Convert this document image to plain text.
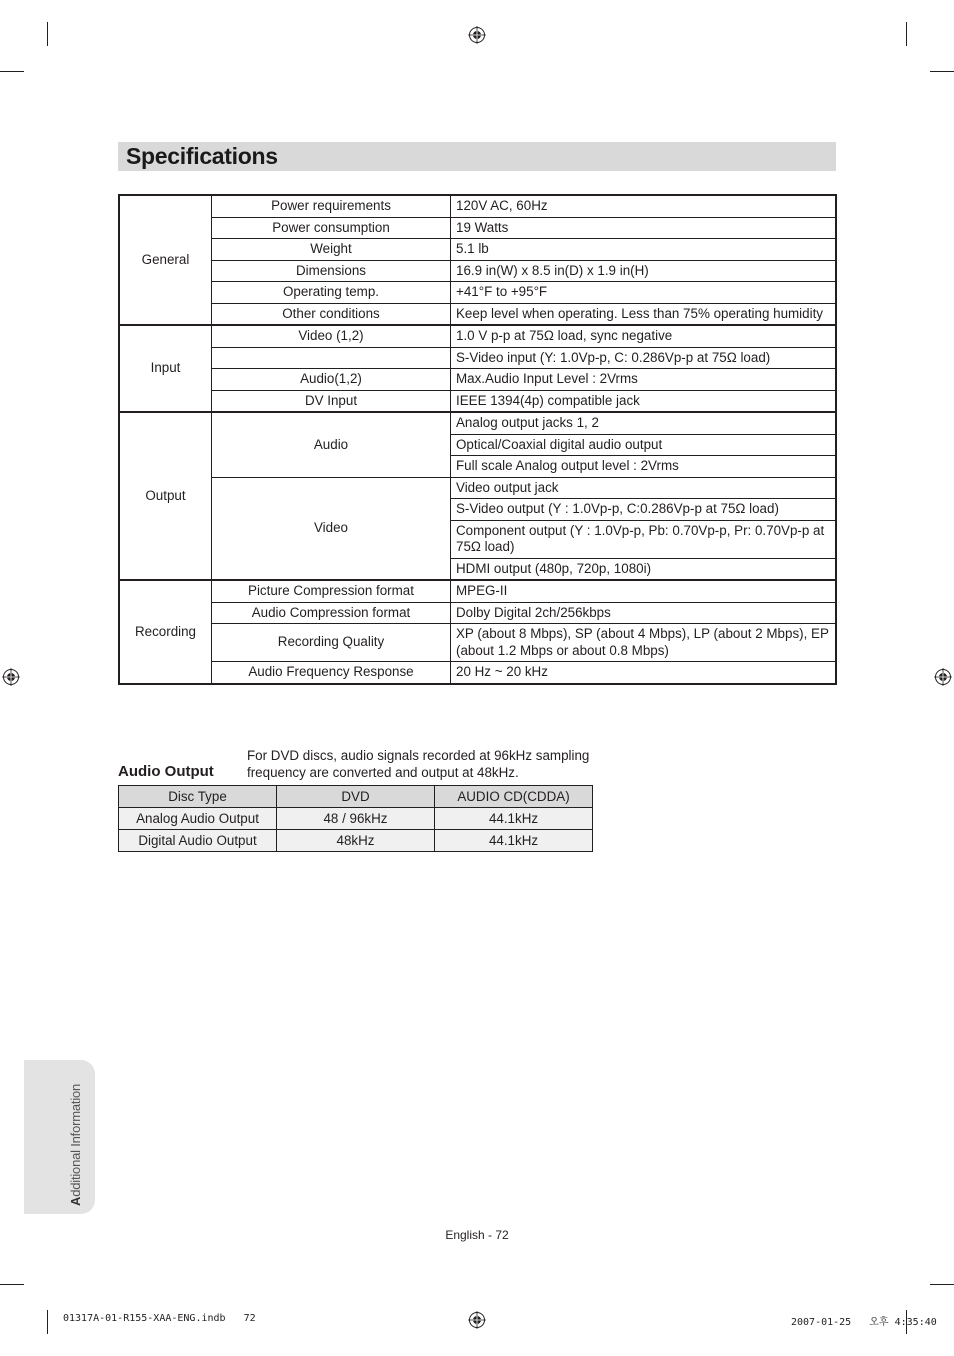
Specifications
General	Power requirements	120V AC, 60Hz
	Power consumption	19 Watts
	Weight	5.1 lb
	Dimensions	16.9 in(W) x 8.5 in(D) x 1.9 in(H)
	Operating temp.	+41°F to +95°F
	Other conditions	Keep level when operating. Less than 75% operating humidity
Input	Video (1,2)	1.0 V p-p at 75Ω load, sync negative
		S-Video input (Y: 1.0Vp-p, C: 0.286Vp-p at 75Ω load)
	Audio(1,2)	Max.Audio Input Level : 2Vrms
	DV Input	IEEE 1394(4p) compatible jack
Output	Audio	Analog output jacks 1, 2
		Optical/Coaxial digital audio output
		Full scale Analog output level : 2Vrms
	Video	Video output jack
		S-Video output (Y : 1.0Vp-p, C:0.286Vp-p at 75Ω load)
		Component output (Y : 1.0Vp-p, Pb: 0.70Vp-p, Pr: 0.70Vp-p at 75Ω load)
		HDMI output (480p, 720p, 1080i)
Recording	Picture Compression format	MPEG-II
	Audio Compression format	Dolby Digital 2ch/256kbps
	Recording Quality	XP (about 8 Mbps), SP (about 4 Mbps), LP (about 2 Mbps), EP (about 1.2 Mbps or about 0.8 Mbps)
	Audio Frequency Response	20 Hz ~ 20 kHz
Audio Output
For DVD discs, audio signals recorded at 96kHz sampling frequency are converted and output at 48kHz.
Disc Type	DVD	AUDIO CD(CDDA)
Analog Audio Output	48 / 96kHz	44.1kHz
Digital Audio Output	48kHz	44.1kHz
Additional Information
English - 72
01317A-01-R155-XAA-ENG.indb   72	2007-01-25   오후 4:35:40
